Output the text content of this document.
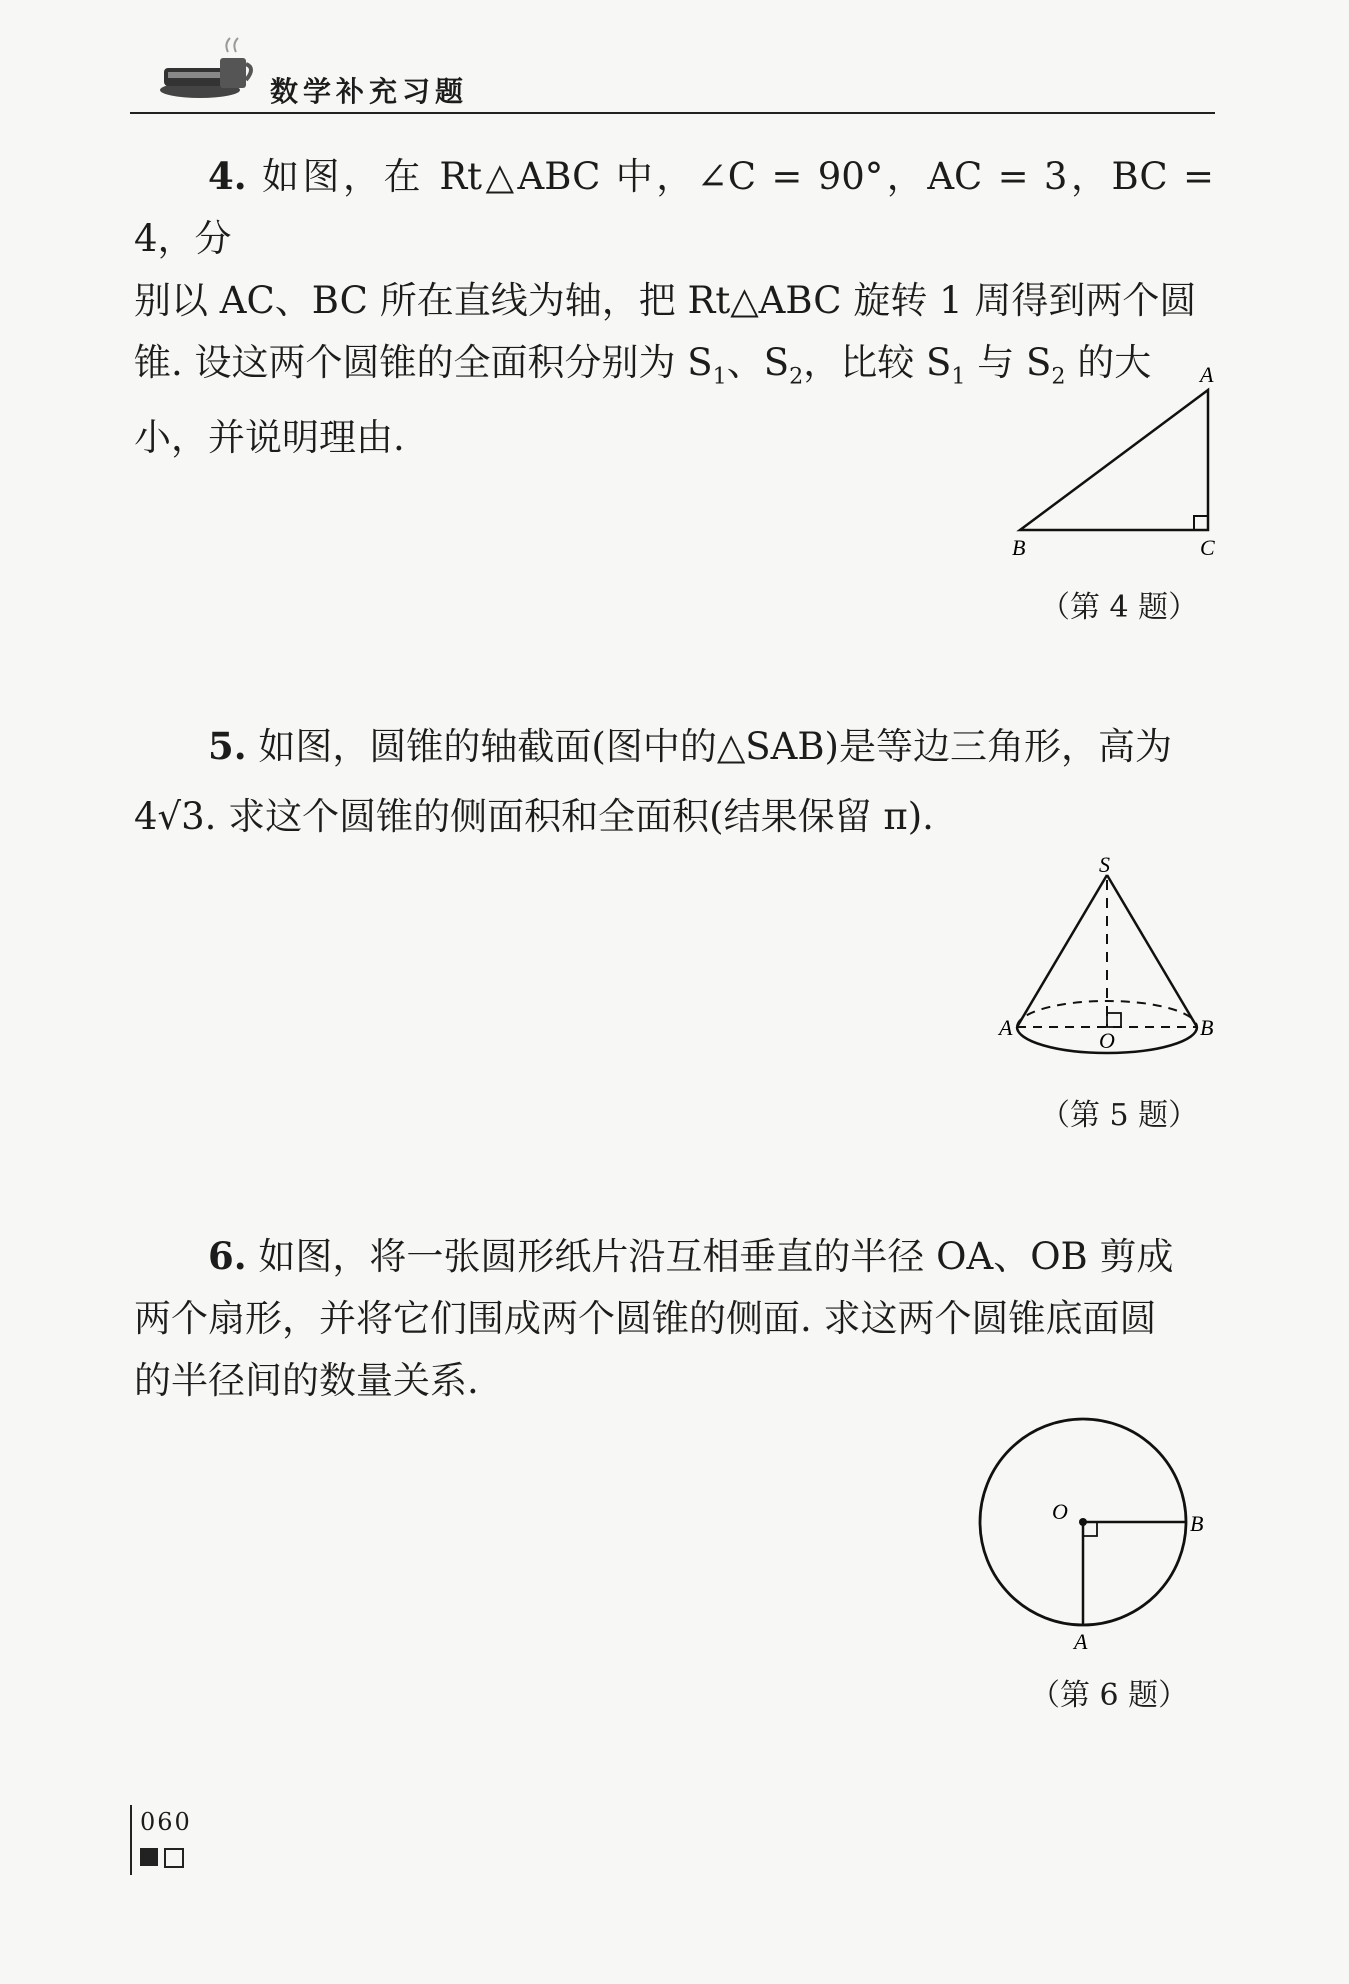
数学补充习题
4. 如图，在 Rt△ABC 中，∠C = 90°，AC = 3，BC = 4，分
别以 AC、BC 所在直线为轴，把 Rt△ABC 旋转 1 周得到两个圆
锥. 设这两个圆锥的全面积分别为 $S_1$、$S_2$，比较 $S_1$ 与 $S_2$ 的大
小，并说明理由.
A
B	C
（第 4 题）
5. 如图，圆锥的轴截面(图中的△SAB)是等边三角形，高为
4√3. 求这个圆锥的侧面积和全面积(结果保留 π).
S
A	B
O
（第 5 题）
6. 如图，将一张圆形纸片沿互相垂直的半径 OA、OB 剪成
两个扇形，并将它们围成两个圆锥的侧面. 求这两个圆锥底面圆
的半径间的数量关系.
O	B
A
（第 6 题）
060
